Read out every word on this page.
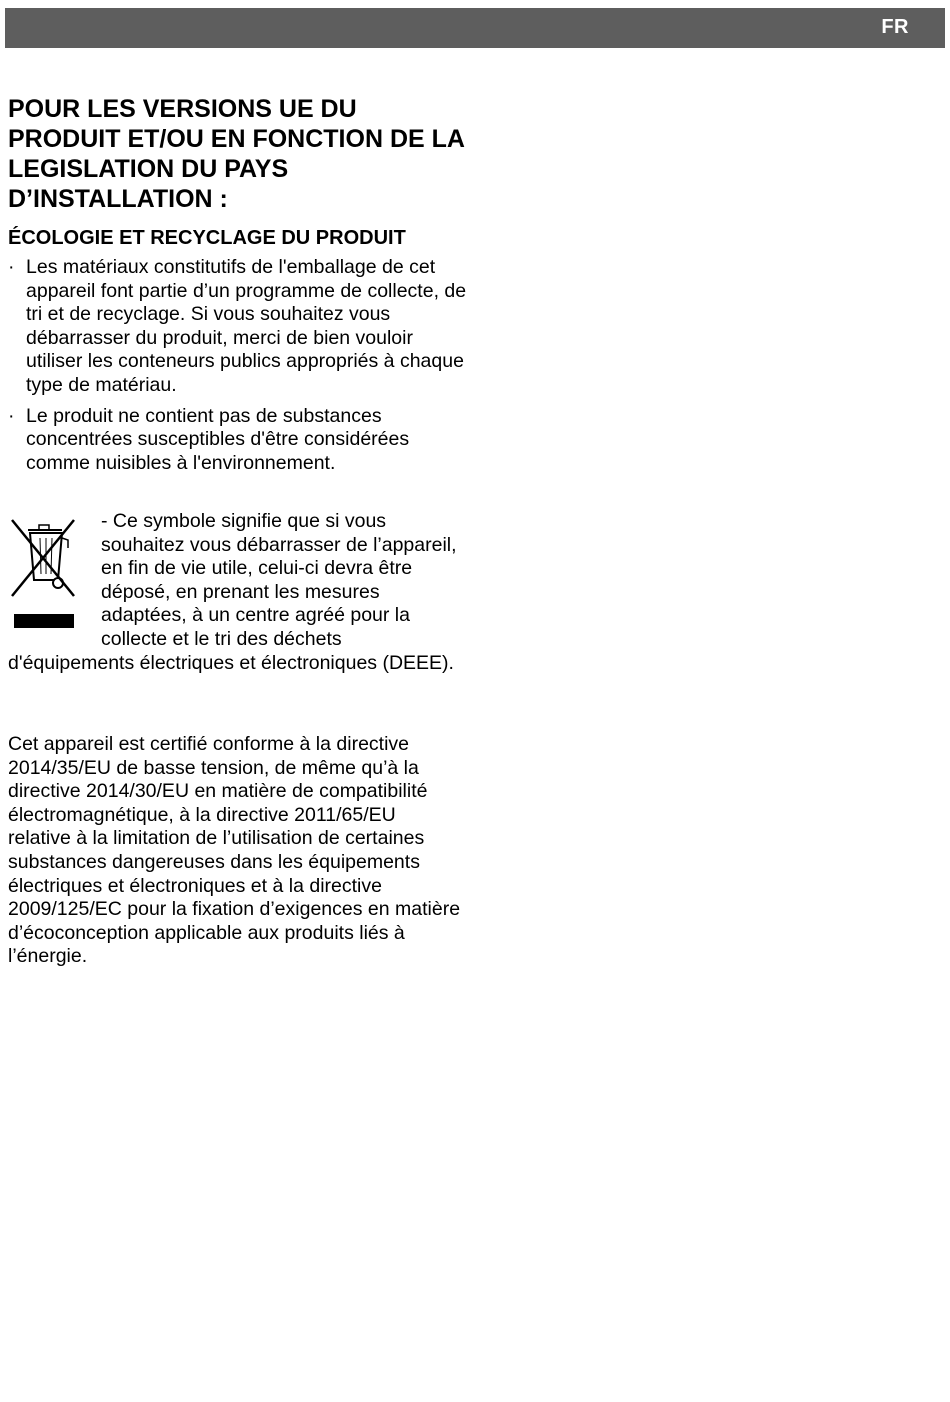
FR
POUR LES VERSIONS UE DU PRODUIT ET/OU EN FONCTION DE LA LEGISLATION DU PAYS D’INSTALLATION :
ÉCOLOGIE ET RECYCLAGE DU PRODUIT
· Les matériaux constitutifs de l'emballage de cet appareil font partie d’un programme de collecte, de tri et de recyclage. Si vous souhaitez vous débarrasser du produit, merci de bien vouloir utiliser les conteneurs publics appropriés à chaque type de matériau.
· Le produit ne contient pas de substances concentrées susceptibles d'être considérées comme nuisibles à l'environnement.

- Ce symbole signifie que si vous souhaitez vous débarrasser de l’appareil, en fin de vie utile, celui-ci devra être déposé, en prenant les mesures adaptées, à un centre agréé pour la collecte et le tri des déchets d'équipements électriques et électroniques (DEEE).

Cet appareil est certifié conforme à la directive 2014/35/EU de basse tension, de même qu’à la directive 2014/30/EU en matière de compatibilité électromagnétique, à la directive 2011/65/EU relative à la limitation de l’utilisation de certaines substances dangereuses dans les équipements électriques et électroniques et à la directive 2009/125/EC pour la fixation d’exigences en matière d’écoconception applicable aux produits liés à l’énergie.
